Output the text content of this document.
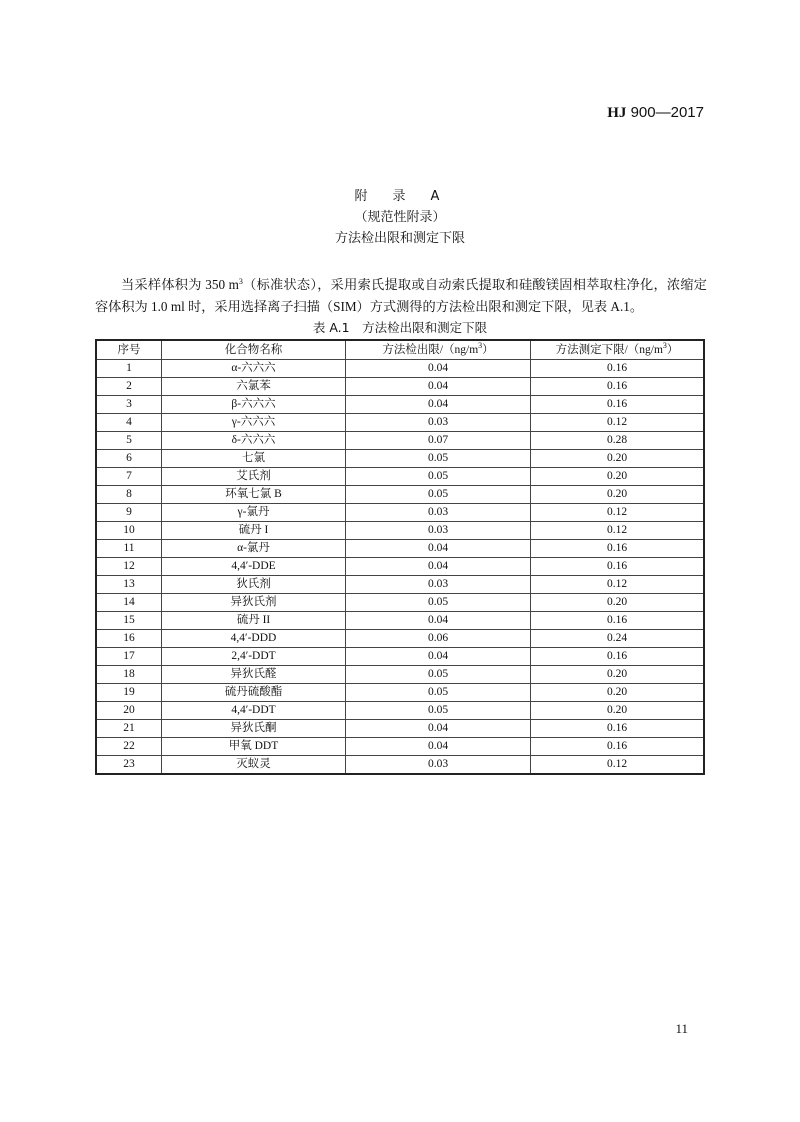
HJ 900—2017
附　录　A
（规范性附录）
方法检出限和测定下限

当采样体积为 350 $m^3$（标准状态），采用索氏提取或自动索氏提取和硅酸镁固相萃取柱净化，浓缩定容体积为 1.0 ml 时，采用选择离子扫描（SIM）方式测得的方法检出限和测定下限，见表 A.1。

表 A.1　方法检出限和测定下限
序号	化合物名称	方法检出限$/(ng/m^3)$	方法测定下限$/(ng/m^3)$
1	α-六六六	0.04	0.16
2	六氯苯	0.04	0.16
3	β-六六六	0.04	0.16
4	γ-六六六	0.03	0.12
5	δ-六六六	0.07	0.28
6	七氯	0.05	0.20
7	艾氏剂	0.05	0.20
8	环氧七氯 B	0.05	0.20
9	γ-氯丹	0.03	0.12
10	硫丹 I	0.03	0.12
11	α-氯丹	0.04	0.16
12	4,4′-DDE	0.04	0.16
13	狄氏剂	0.03	0.12
14	异狄氏剂	0.05	0.20
15	硫丹 II	0.04	0.16
16	4,4′-DDD	0.06	0.24
17	2,4′-DDT	0.04	0.16
18	异狄氏醛	0.05	0.20
19	硫丹硫酸酯	0.05	0.20
20	4,4′-DDT	0.05	0.20
21	异狄氏酮	0.04	0.16
22	甲氧 DDT	0.04	0.16
23	灭蚁灵	0.03	0.12
11
